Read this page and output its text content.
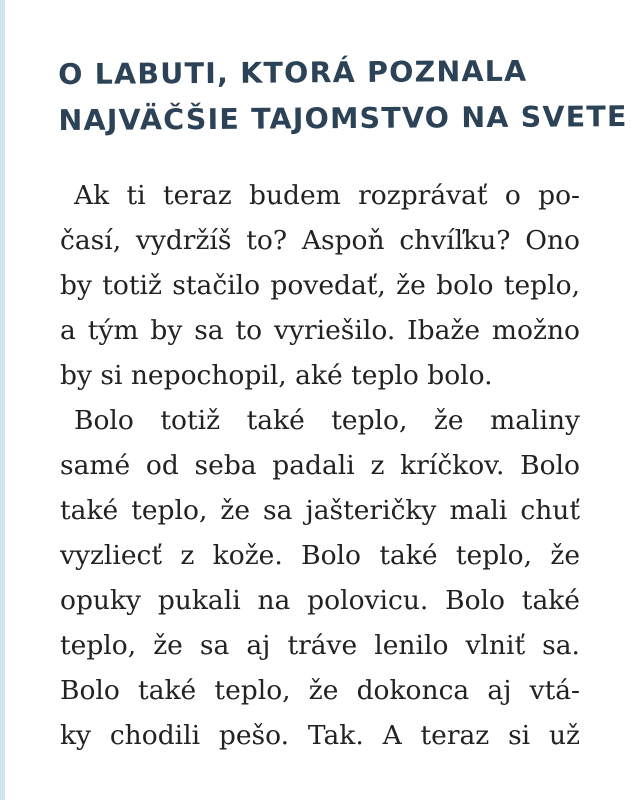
O LABUTI, KTORÁ POZNALA
NAJVÄČŠIE TAJOMSTVO NA SVETE
Ak ti teraz budem rozprávať o po-
časí, vydržíš to? Aspoň chvíľku? Ono
by totiž stačilo povedať, že bolo teplo,
a tým by sa to vyriešilo. Ibaže možno
by si nepochopil, aké teplo bolo.
Bolo totiž také teplo, že maliny
samé od seba padali z kríčkov. Bolo
také teplo, že sa jašteričky mali chuť
vyzliecť z kože. Bolo také teplo, že
opuky pukali na polovicu. Bolo také
teplo, že sa aj tráve lenilo vlniť sa.
Bolo také teplo, že dokonca aj vtá-
ky chodili pešo. Tak. A teraz si už
